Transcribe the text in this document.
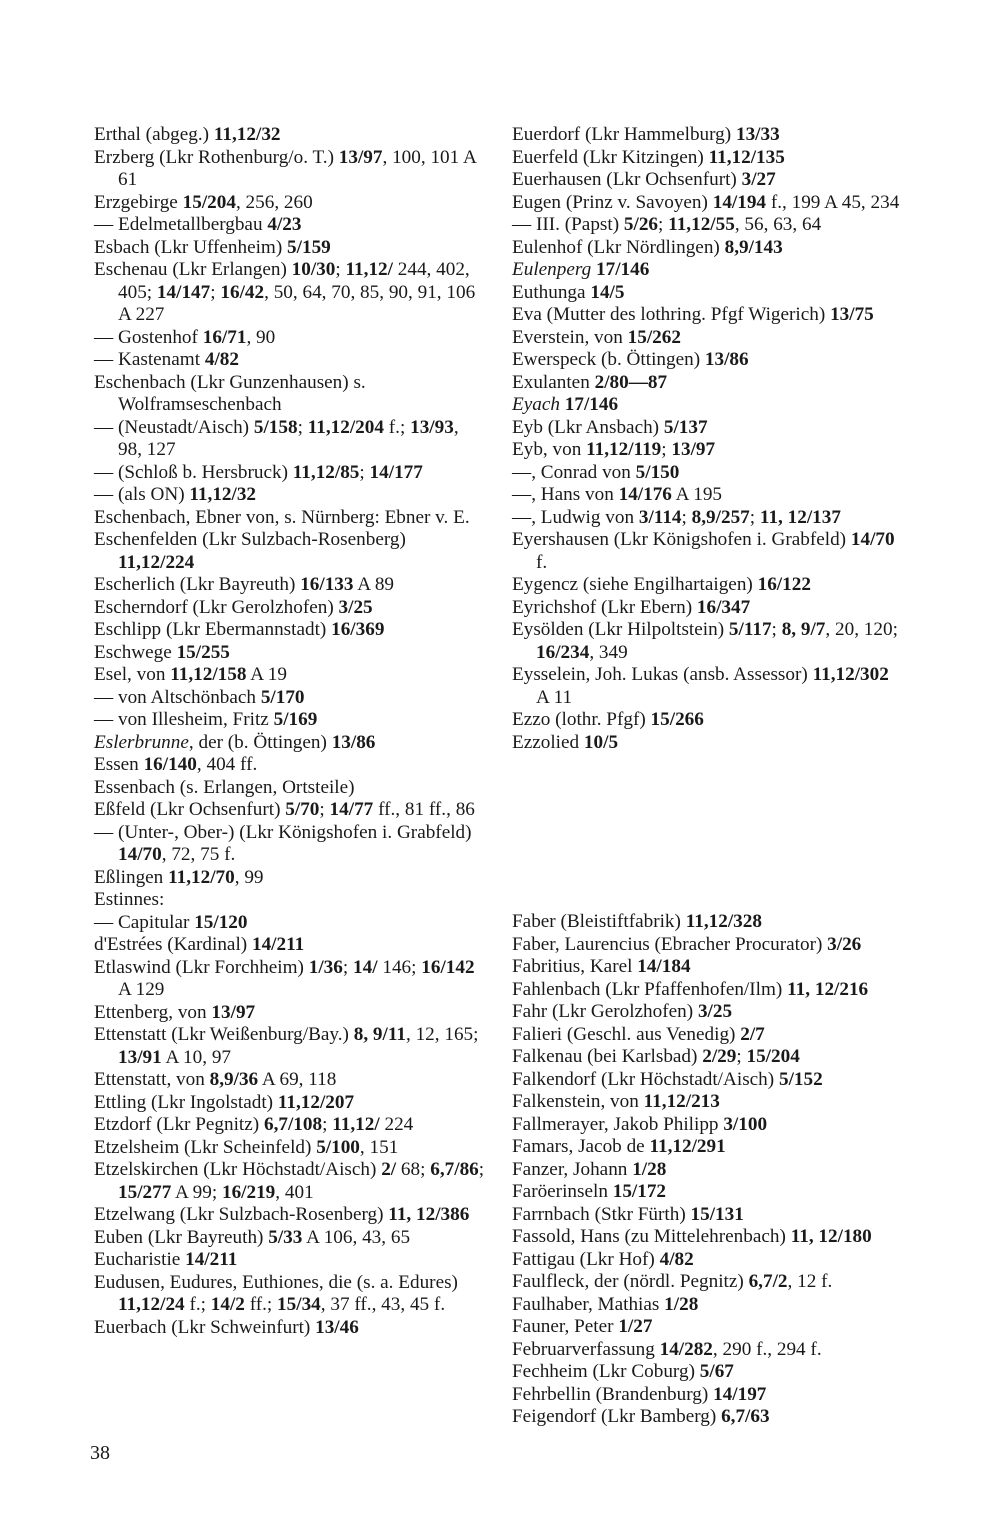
Erthal (abgeg.) 11,12/32
Erzberg (Lkr Rothenburg/o. T.) 13/97, 100, 101 A 61
Erzgebirge 15/204, 256, 260
— Edelmetallbergbau 4/23
Esbach (Lkr Uffenheim) 5/159
Eschenau (Lkr Erlangen) 10/30; 11,12/ 244, 402, 405; 14/147; 16/42, 50, 64, 70, 85, 90, 91, 106 A 227
— Gostenhof 16/71, 90
— Kastenamt 4/82
Eschenbach (Lkr Gunzenhausen) s. Wolframseschenbach
— (Neustadt/Aisch) 5/158; 11,12/204 f.; 13/93, 98, 127
— (Schloß b. Hersbruck) 11,12/85; 14/177
— (als ON) 11,12/32
Eschenbach, Ebner von, s. Nürnberg: Ebner v. E.
Eschenfelden (Lkr Sulzbach-Rosenberg) 11,12/224
Escherlich (Lkr Bayreuth) 16/133 A 89
Escherndorf (Lkr Gerolzhofen) 3/25
Eschlipp (Lkr Ebermannstadt) 16/369
Eschwege 15/255
Esel, von 11,12/158 A 19
— von Altschönbach 5/170
— von Illesheim, Fritz 5/169
Eslerbrunne, der (b. Öttingen) 13/86
Essen 16/140, 404 ff.
Essenbach (s. Erlangen, Ortsteile)
Eßfeld (Lkr Ochsenfurt) 5/70; 14/77 ff., 81 ff., 86
— (Unter-, Ober-) (Lkr Königshofen i. Grabfeld) 14/70, 72, 75 f.
Eßlingen 11,12/70, 99
Estinnes:
— Capitular 15/120
d'Estrées (Kardinal) 14/211
Etlaswind (Lkr Forchheim) 1/36; 14/ 146; 16/142 A 129
Ettenberg, von 13/97
Ettenstatt (Lkr Weißenburg/Bay.) 8, 9/11, 12, 165; 13/91 A 10, 97
Ettenstatt, von 8,9/36 A 69, 118
Ettling (Lkr Ingolstadt) 11,12/207
Etzdorf (Lkr Pegnitz) 6,7/108; 11,12/ 224
Etzelsheim (Lkr Scheinfeld) 5/100, 151
Etzelskirchen (Lkr Höchstadt/Aisch) 2/ 68; 6,7/86; 15/277 A 99; 16/219, 401
Etzelwang (Lkr Sulzbach-Rosenberg) 11, 12/386
Euben (Lkr Bayreuth) 5/33 A 106, 43, 65
Eucharistie 14/211
Eudusen, Eudures, Euthiones, die (s. a. Edures) 11,12/24 f.; 14/2 ff.; 15/34, 37 ff., 43, 45 f.
Euerbach (Lkr Schweinfurt) 13/46
Euerdorf (Lkr Hammelburg) 13/33
Euerfeld (Lkr Kitzingen) 11,12/135
Euerhausen (Lkr Ochsenfurt) 3/27
Eugen (Prinz v. Savoyen) 14/194 f., 199 A 45, 234
— III. (Papst) 5/26; 11,12/55, 56, 63, 64
Eulenhof (Lkr Nördlingen) 8,9/143
Eulenperg 17/146
Euthunga 14/5
Eva (Mutter des lothring. Pfgf Wigerich) 13/75
Everstein, von 15/262
Ewerspeck (b. Öttingen) 13/86
Exulanten 2/80—87
Eyach 17/146
Eyb (Lkr Ansbach) 5/137
Eyb, von 11,12/119; 13/97
—, Conrad von 5/150
—, Hans von 14/176 A 195
—, Ludwig von 3/114; 8,9/257; 11, 12/137
Eyershausen (Lkr Königshofen i. Grabfeld) 14/70 f.
Eygencz (siehe Engilhartaigen) 16/122
Eyrichshof (Lkr Ebern) 16/347
Eysölden (Lkr Hilpoltstein) 5/117; 8, 9/7, 20, 120; 16/234, 349
Eysselein, Joh. Lukas (ansb. Assessor) 11,12/302 A 11
Ezzo (lothr. Pfgf) 15/266
Ezzolied 10/5
Faber (Bleistiftfabrik) 11,12/328
Faber, Laurencius (Ebracher Procurator) 3/26
Fabritius, Karel 14/184
Fahlenbach (Lkr Pfaffenhofen/Ilm) 11, 12/216
Fahr (Lkr Gerolzhofen) 3/25
Falieri (Geschl. aus Venedig) 2/7
Falkenau (bei Karlsbad) 2/29; 15/204
Falkendorf (Lkr Höchstadt/Aisch) 5/152
Falkenstein, von 11,12/213
Fallmerayer, Jakob Philipp 3/100
Famars, Jacob de 11,12/291
Fanzer, Johann 1/28
Faröerinseln 15/172
Farrnbach (Stkr Fürth) 15/131
Fassold, Hans (zu Mittelehrenbach) 11, 12/180
Fattigau (Lkr Hof) 4/82
Faulfleck, der (nördl. Pegnitz) 6,7/2, 12 f.
Faulhaber, Mathias 1/28
Fauner, Peter 1/27
Februarverfassung 14/282, 290 f., 294 f.
Fechheim (Lkr Coburg) 5/67
Fehrbellin (Brandenburg) 14/197
Feigendorf (Lkr Bamberg) 6,7/63
38
